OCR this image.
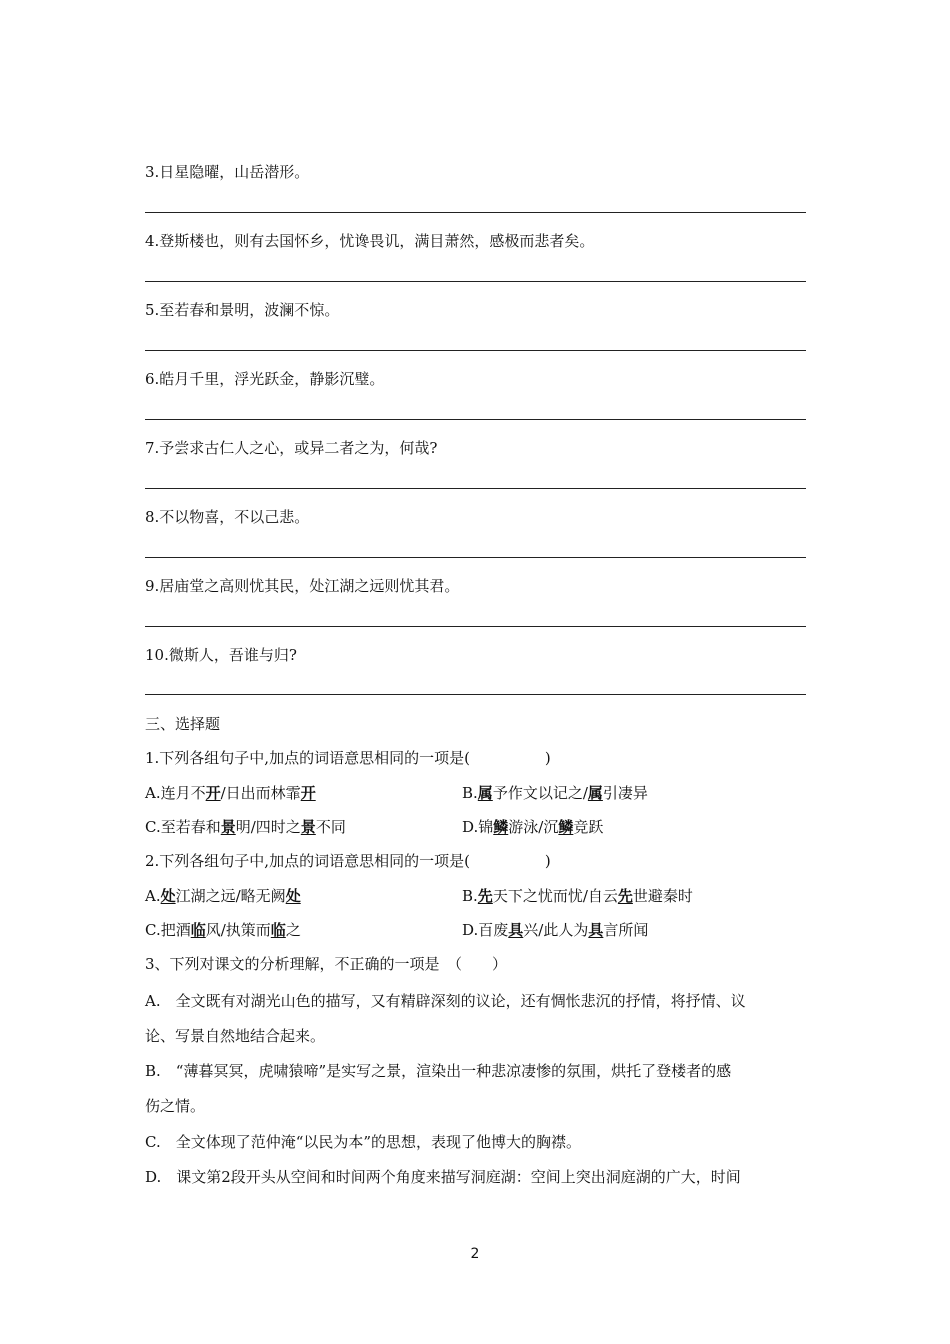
3.日星隐曜，山岳潜形。
4.登斯楼也，则有去国怀乡，忧谗畏讥，满目萧然，感极而悲者矣。
5.至若春和景明，波澜不惊。
6.皓月千里，浮光跃金，静影沉璧。
7.予尝求古仁人之心，或异二者之为，何哉?
8.不以物喜，不以己悲。
9.居庙堂之高则忧其民，处江湖之远则忧其君。
10.微斯人，吾谁与归?
三、选择题
1.下列各组句子中,加点的词语意思相同的一项是(　　　　　)
A.连月不开/日出而林霏开	B.属予作文以记之/属引凄异
C.至若春和景明/四时之景不同	D.锦鳞游泳/沉鳞竞跃
2.下列各组句子中,加点的词语意思相同的一项是(　　　　　)
A.处江湖之远/略无阙处	B.先天下之忧而忧/自云先世避秦时
C.把酒临风/执策而临之	D.百废具兴/此人为具言所闻
3、下列对课文的分析理解，不正确的一项是　（　　）
A.　全文既有对湖光山色的描写，又有精辟深刻的议论，还有惆怅悲沉的抒情，将抒情、议
论、写景自然地结合起来。
B.　“薄暮冥冥，虎啸猿啼”是实写之景，渲染出一种悲凉凄惨的氛围，烘托了登楼者的感
伤之情。
C.　全文体现了范仲淹“以民为本”的思想，表现了他博大的胸襟。
D.　课文第2段开头从空间和时间两个角度来描写洞庭湖：空间上突出洞庭湖的广大，时间
2
